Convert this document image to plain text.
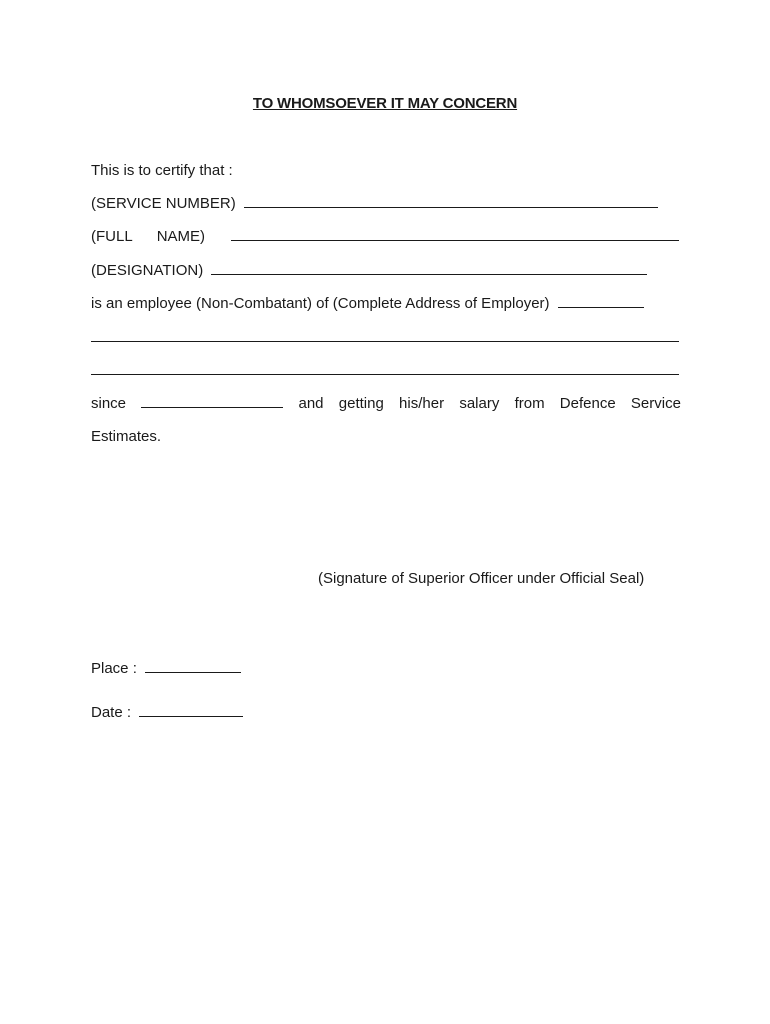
TO WHOMSOEVER IT MAY CONCERN
This is to certify that :
(SERVICE NUMBER)
(FULL NAME)
(DESIGNATION)
is an employee (Non-Combatant) of (Complete Address of Employer)
since	and getting his/her salary from Defence Service
Estimates.
(Signature of Superior Officer under Official Seal)
Place :
Date :
